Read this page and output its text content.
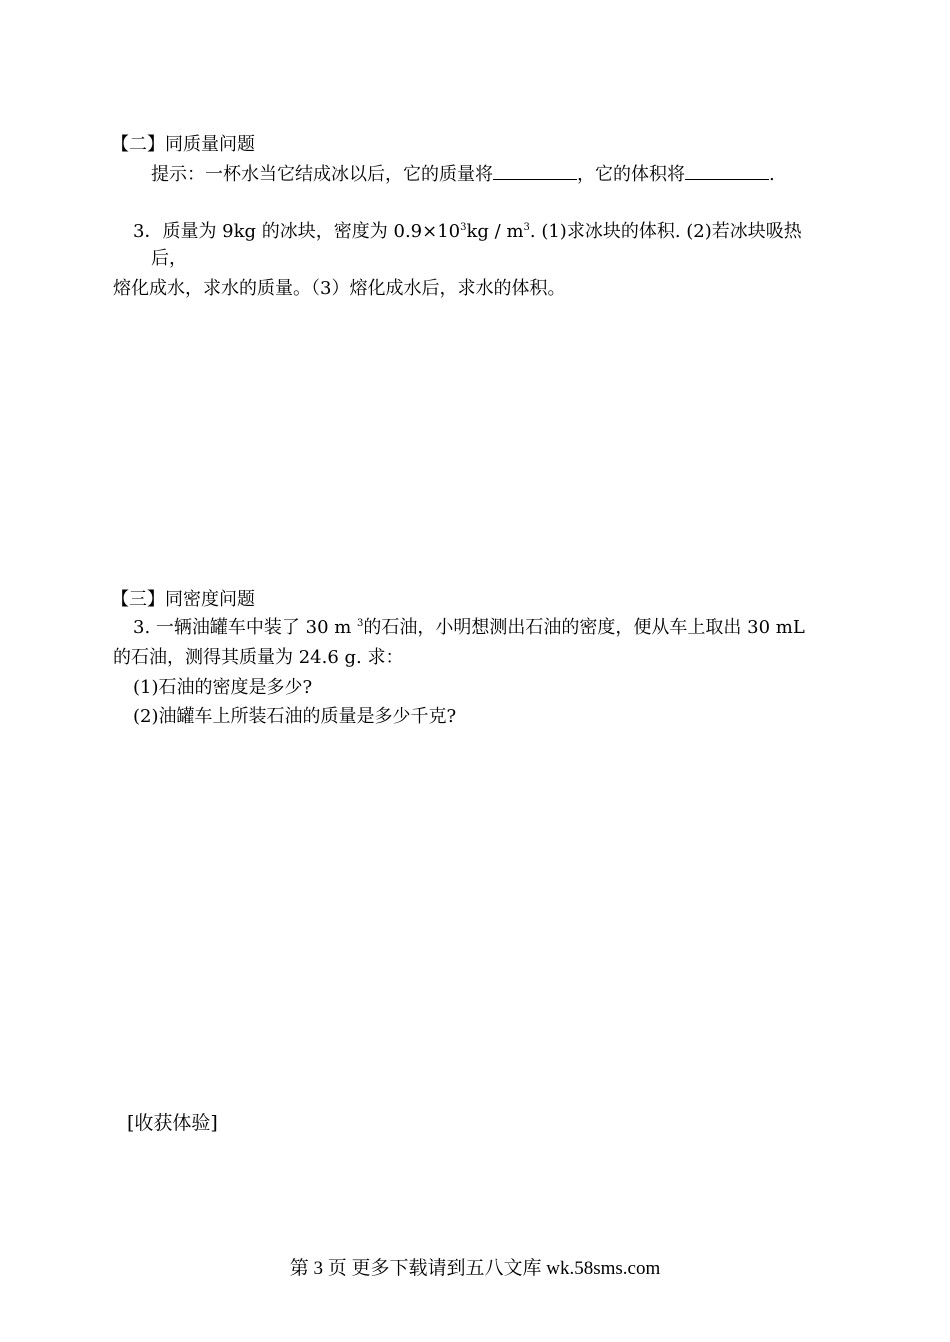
【二】同质量问题
提示：一杯水当它结成冰以后，它的质量将	，它的体积将	.
3．质量为 9kg 的冰块，密度为 $0.9\times 10^3kg / m^3$. (1)求冰块的体积. (2)若冰块吸热
后，
熔化成水，求水的质量。（3）熔化成水后，求水的体积。
【三】同密度问题
3. 一辆油罐车中装了 30 m $^3$的石油，小明想测出石油的密度，便从车上取出 30 mL
的石油，测得其质量为 24.6 g. 求：
(1)石油的密度是多少?
(2)油罐车上所装石油的质量是多少千克?
[收获体验]
第 3 页 更多下载请到五八文库 wk.58sms.com
